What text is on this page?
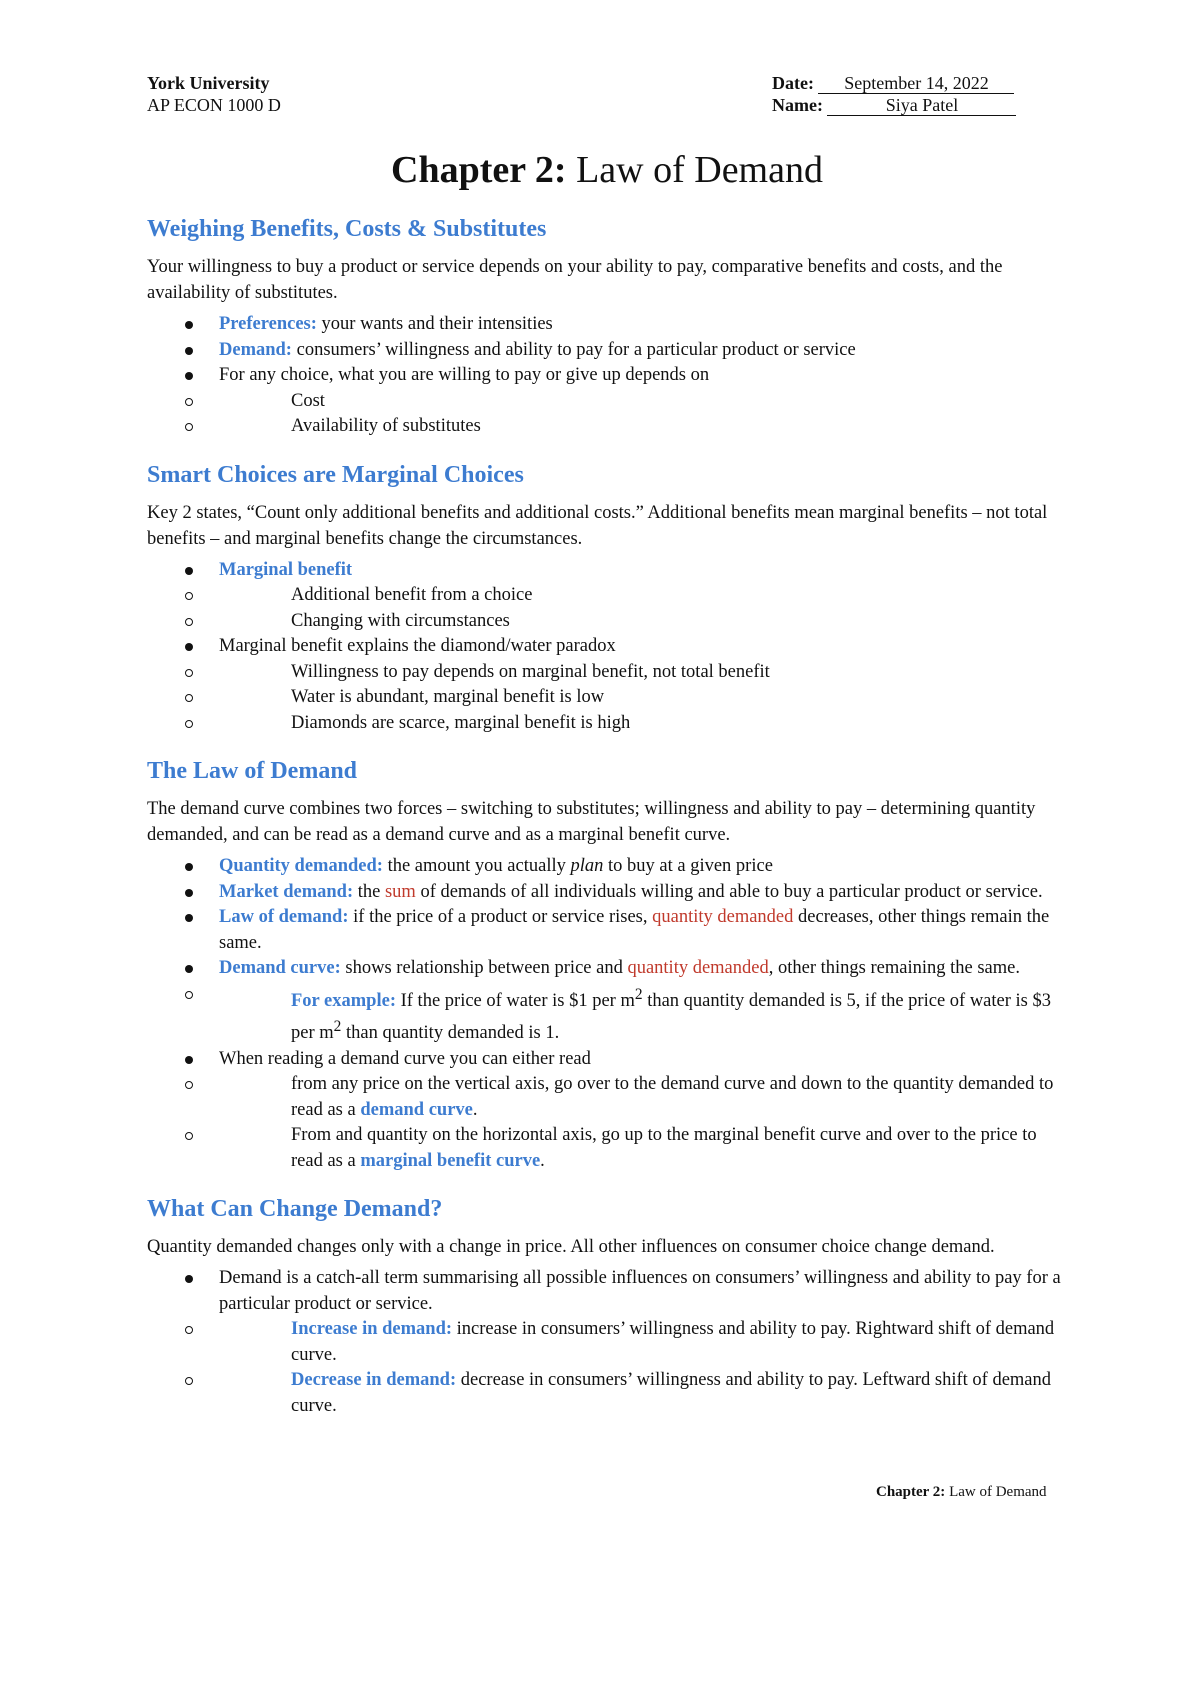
York University
AP ECON 1000 D
Date: September 14, 2022
Name:	Siya Patel
Chapter 2: Law of Demand
Weighing Benefits, Costs & Substitutes

Your willingness to buy a product or service depends on your ability to pay, comparative benefits and costs, and the availability of substitutes.

Preferences: your wants and their intensities
Demand: consumers’ willingness and ability to pay for a particular product or service
For any choice, what you are willing to pay or give up depends on
Cost
Availability of substitutes
Smart Choices are Marginal Choices

Key 2 states, “Count only additional benefits and additional costs.” Additional benefits mean marginal benefits – not total benefits – and marginal benefits change the circumstances.

Marginal benefit
Additional benefit from a choice
Changing with circumstances
Marginal benefit explains the diamond/water paradox
Willingness to pay depends on marginal benefit, not total benefit
Water is abundant, marginal benefit is low
Diamonds are scarce, marginal benefit is high
The Law of Demand

The demand curve combines two forces – switching to substitutes; willingness and ability to pay – determining quantity demanded, and can be read as a demand curve and as a marginal benefit curve.

Quantity demanded: the amount you actually plan to buy at a given price
Market demand: the sum of demands of all individuals willing and able to buy a particular product or service.
Law of demand: if the price of a product or service rises, quantity demanded decreases, other things remain the same.
Demand curve: shows relationship between price and quantity demanded, other things remaining the same.
For example: If the price of water is $1 per $m^2$ than quantity demanded is 5, if the price of water is $3 per $m^2$ than quantity demanded is 1.
When reading a demand curve you can either read
from any price on the vertical axis, go over to the demand curve and down to the quantity demanded to read as a demand curve.
From and quantity on the horizontal axis, go up to the marginal benefit curve and over to the price to read as a marginal benefit curve.
What Can Change Demand?

Quantity demanded changes only with a change in price. All other influences on consumer choice change demand.

Demand is a catch-all term summarising all possible influences on consumers’ willingness and ability to pay for a particular product or service.
Increase in demand: increase in consumers’ willingness and ability to pay. Rightward shift of demand curve.
Decrease in demand: decrease in consumers’ willingness and ability to pay. Leftward shift of demand curve.
Chapter 2: Law of Demand
